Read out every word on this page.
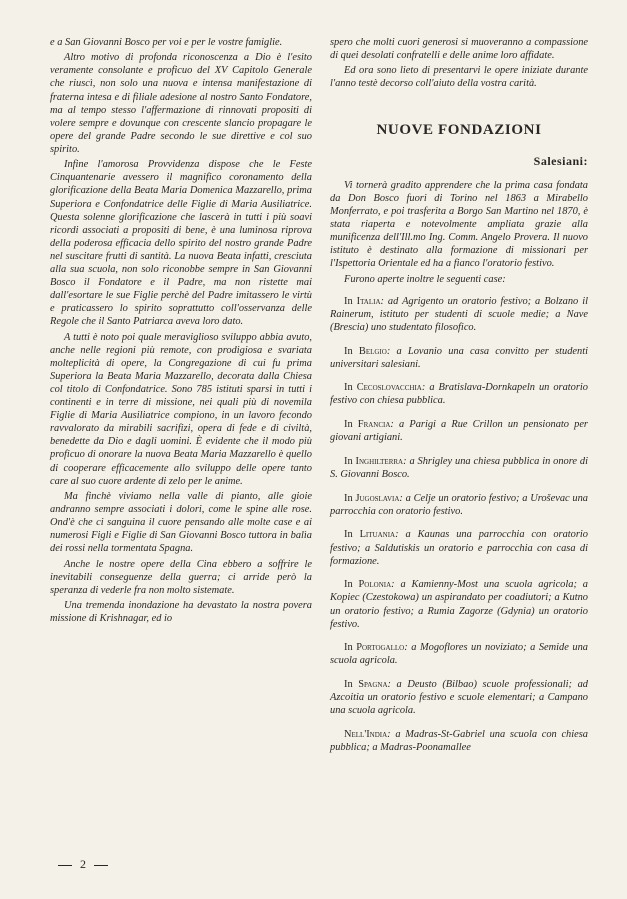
e a San Giovanni Bosco per voi e per le vostre famiglie.

Altro motivo di profonda riconoscenza a Dio è l'esito veramente consolante e proficuo del XV Capitolo Generale che riuscì, non solo una nuova e intensa manifestazione di fraterna intesa e di filiale adesione al nostro Santo Fondatore, ma al tempo stesso l'affermazione di rinnovati propositi di volere sempre e dovunque con crescente slancio propagare le opere del grande Padre secondo le sue direttive e col suo spirito.

Infine l'amorosa Provvidenza dispose che le Feste Cinquantenarie avessero il magnifico coronamento della glorificazione della Beata Maria Domenica Mazzarello, prima Superiora e Confondatrice delle Figlie di Maria Ausiliatrice. Questa solenne glorificazione che lascerà in tutti i più soavi ricordi associati a propositi di bene, è una luminosa riprova della poderosa efficacia dello spirito del nostro grande Padre nel suscitare frutti di santità. La nuova Beata infatti, cresciuta alla sua scuola, non solo riconobbe sempre in San Giovanni Bosco il Fondatore e il Padre, ma non ristette mai dall'esortare le sue Figlie perchè del Padre imitassero le virtù e praticassero lo spirito soprattutto coll'osservanza delle Regole che il Santo Patriarca aveva loro dato.

A tutti è noto poi quale meraviglioso sviluppo abbia avuto, anche nelle regioni più remote, con prodigiosa e svariata molteplicità di opere, la Congregazione di cui fu prima Superiora la Beata Maria Mazzarello, decorata dalla Chiesa col titolo di Confondatrice. Sono 785 istituti sparsi in tutti i continenti e in terre di missione, nei quali più di novemila Figlie di Maria Ausiliatrice compiono, in un lavoro fecondo ravvalorato da mirabili sacrifizi, opera di fede e di civiltà, benedette da Dio e dagli uomini. È evidente che il modo più proficuo di onorare la nuova Beata Maria Mazzarello è quello di cooperare efficacemente allo sviluppo delle opere tanto care al suo cuore ardente di zelo per le anime.

Ma finchè viviamo nella valle di pianto, alle gioie andranno sempre associati i dolori, come le spine alle rose. Ond'è che ci sanguina il cuore pensando alle molte case e ai numerosi Figli e Figlie di San Giovanni Bosco tuttora in balìa dei rossi nella tormentata Spagna.

Anche le nostre opere della Cina ebbero a soffrire le inevitabili conseguenze della guerra; ci arride però la speranza di vederle fra non molto sistemate.

Una tremenda inondazione ha devastato la nostra povera missione di Krishnagar, ed io

spero che molti cuori generosi si muoveranno a compassione di quei desolati confratelli e delle anime loro affidate.

Ed ora sono lieto di presentarvi le opere iniziate durante l'anno testè decorso coll'aiuto della vostra carità.

NUOVE FONDAZIONI
Salesiani:

Vi tornerà gradito apprendere che la prima casa fondata da Don Bosco fuori di Torino nel 1863 a Mirabello Monferrato, e poi trasferita a Borgo San Martino nel 1870, è stata riaperta e notevolmente ampliata grazie alla munificenza dell'Ill.mo Ing. Comm. Angelo Provera. Il nuovo istituto è destinato alla formazione di missionari per l'Ispettoria Orientale ed ha a fianco l'oratorio festivo.

Furono aperte inoltre le seguenti case:

In Italia: ad Agrigento un oratorio festivo; a Bolzano il Rainerum, istituto per studenti di scuole medie; a Nave (Brescia) uno studentato filosofico.

In Belgio: a Lovanio una casa convitto per studenti universitari salesiani.

In Cecoslovacchia: a Bratislava-Dornkapeln un oratorio festivo con chiesa pubblica.

In Francia: a Parigi a Rue Crillon un pensionato per giovani artigiani.

In Inghilterra: a Shrigley una chiesa pubblica in onore di S. Giovanni Bosco.

In Jugoslavia: a Celje un oratorio festivo; a Uroševac una parrocchia con oratorio festivo.

In Lituania: a Kaunas una parrocchia con oratorio festivo; a Saldutiskis un oratorio e parrocchia con casa di formazione.

In Polonia: a Kamienny-Most una scuola agricola; a Kopiec (Czestokowa) un aspirandato per coadiutori; a Kutno un oratorio festivo; a Rumia Zagorze (Gdynia) un oratorio festivo.

In Portogallo: a Mogoflores un noviziato; a Semide una scuola agricola.

In Spagna: a Deusto (Bilbao) scuole professionali; ad Azcoitia un oratorio festivo e scuole elementari; a Campano una scuola agricola.

Nell'India: a Madras-St-Gabriel una scuola con chiesa pubblica; a Madras-Poonamallee

2
